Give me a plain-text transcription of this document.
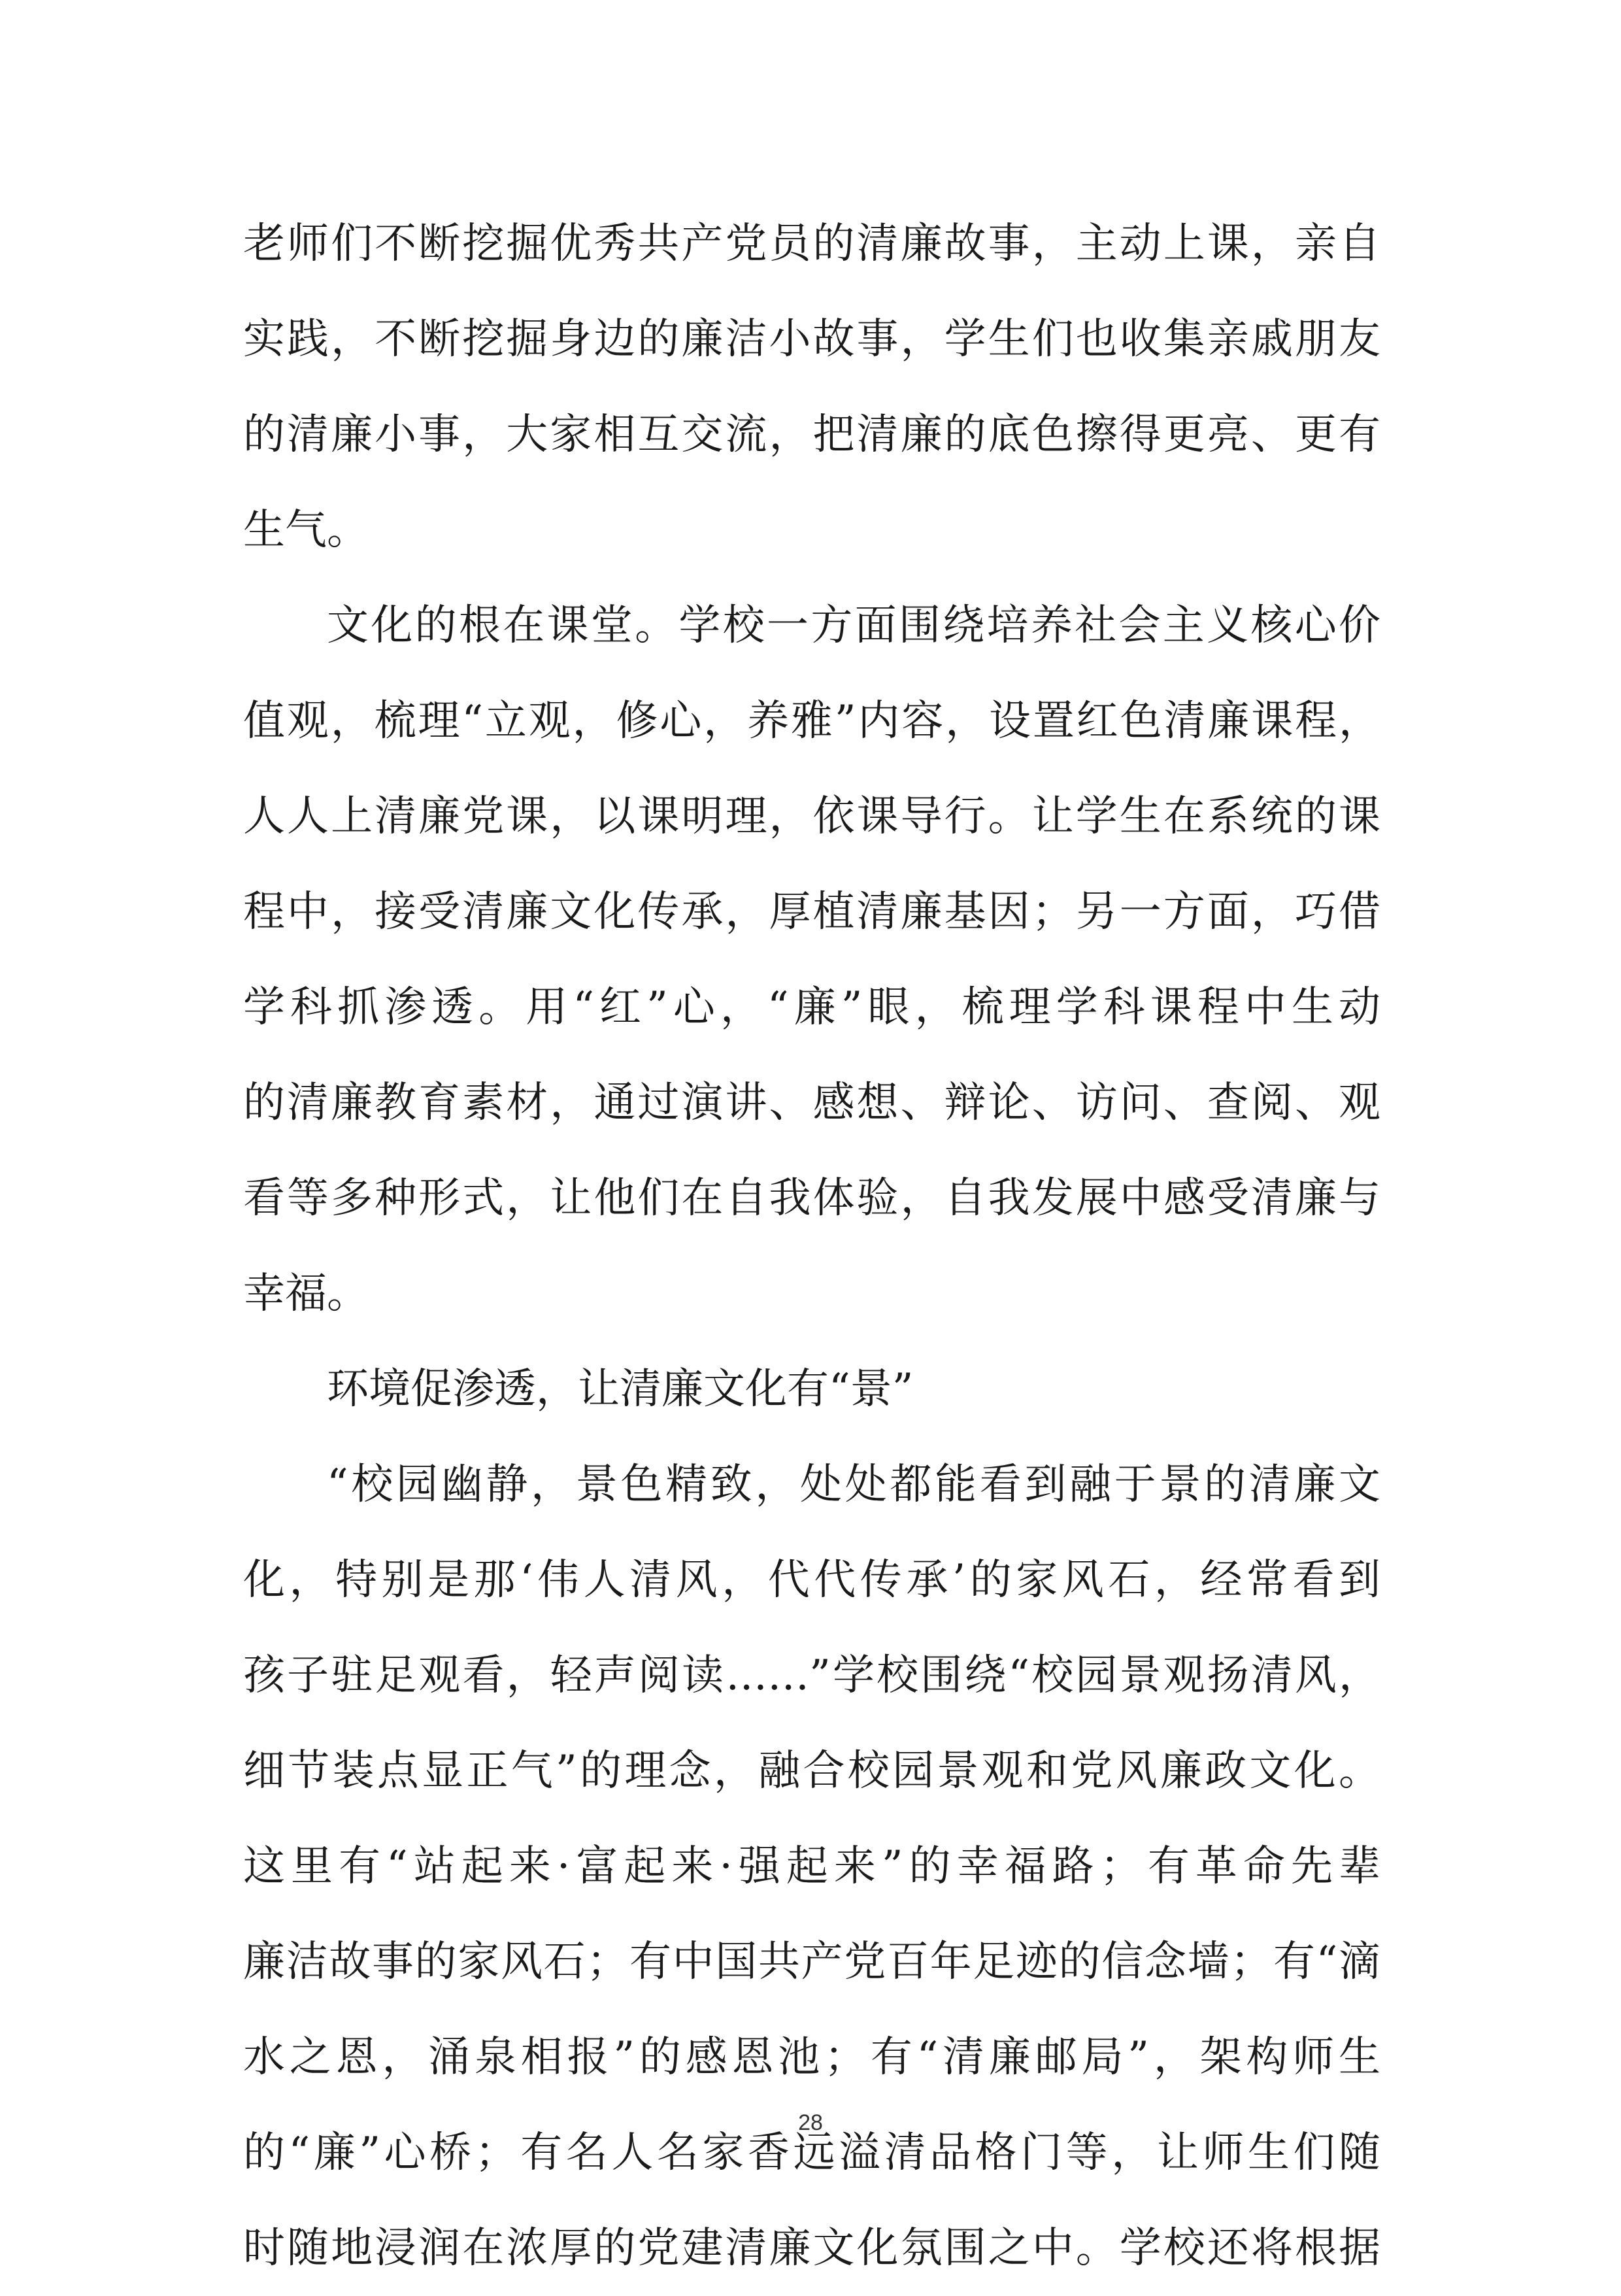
老师们不断挖掘优秀共产党员的清廉故事，主动上课，亲自
实践，不断挖掘身边的廉洁小故事，学生们也收集亲戚朋友
的清廉小事，大家相互交流，把清廉的底色擦得更亮、更有
生气。
文化的根在课堂。学校一方面围绕培养社会主义核心价
值观，梳理“立观，修心，养雅”内容，设置红色清廉课程，
人人上清廉党课，以课明理，依课导行。让学生在系统的课
程中，接受清廉文化传承，厚植清廉基因；另一方面，巧借
学科抓渗透。用“红”心，“廉”眼，梳理学科课程中生动
的清廉教育素材，通过演讲、感想、辩论、访问、查阅、观
看等多种形式，让他们在自我体验，自我发展中感受清廉与
幸福。
环境促渗透，让清廉文化有“景”
“校园幽静，景色精致，处处都能看到融于景的清廉文
化，特别是那‘伟人清风，代代传承’的家风石，经常看到
孩子驻足观看，轻声阅读……”学校围绕“校园景观扬清风，
细节装点显正气”的理念，融合校园景观和党风廉政文化。
这里有“站起来·富起来·强起来”的幸福路；有革命先辈
廉洁故事的家风石；有中国共产党百年足迹的信念墙；有“滴
水之恩，涌泉相报”的感恩池；有“清廉邮局”，架构师生
的“廉”心桥；有名人名家香远溢清品格门等，让师生们随
时随地浸润在浓厚的党建清廉文化氛围之中。学校还将根据
28
